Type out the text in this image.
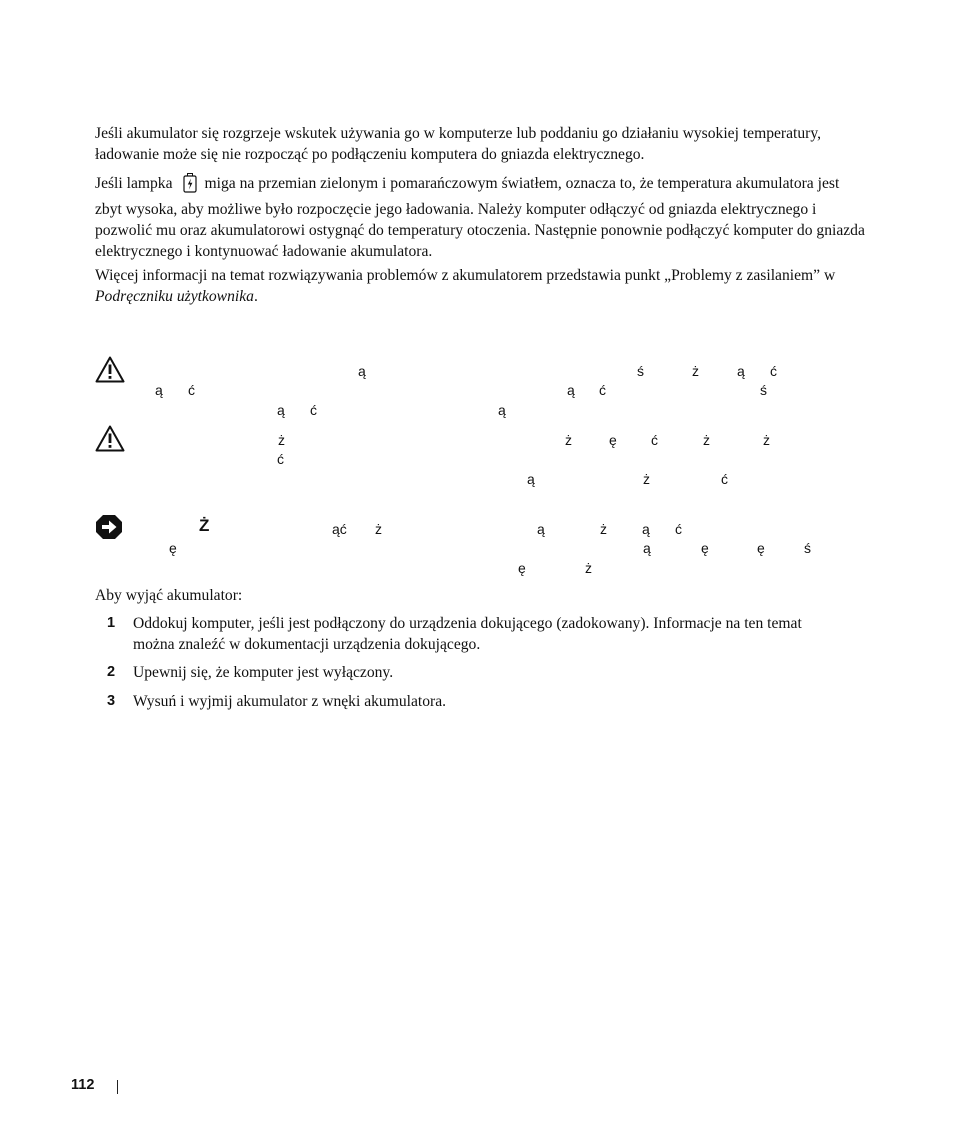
Jeśli akumulator się rozgrzeje wskutek używania go w komputerze lub poddaniu go działaniu wysokiej temperatury, ładowanie może się nie rozpocząć po podłączeniu komputera do gniazda elektrycznego.

Jeśli lampka miga na przemian zielonym i pomarańczowym światłem, oznacza to, że temperatura akumulatora jest zbyt wysoka, aby możliwe było rozpoczęcie jego ładowania. Należy komputer odłączyć od gniazda elektrycznego i pozwolić mu oraz akumulatorowi ostygnąć do temperatury otoczenia. Następnie ponownie podłączyć komputer do gniazda elektrycznego i kontynuować ładowanie akumulatora.

Więcej informacji na temat rozwiązywania problemów z akumulatorem przedstawia punkt „Problemy z zasilaniem” w Podręczniku użytkownika.

ą	ś	ż	ą ć
ą ć	ą ć	ś
ą ć	ą
ż	ż	ę ć	ż	ż
ć
ą	ż	ć
Ż	ąć ż	ą	ż	ą ć
ę	ą	ę	ę	ś
ę	ż

Aby wyjąć akumulator:

1 Oddokuj komputer, jeśli jest podłączony do urządzenia dokującego (zadokowany). Informacje na ten temat można znaleźć w dokumentacji urządzenia dokującego.
2 Upewnij się, że komputer jest wyłączony.
3 Wysuń i wyjmij akumulator z wnęki akumulatora.
112
